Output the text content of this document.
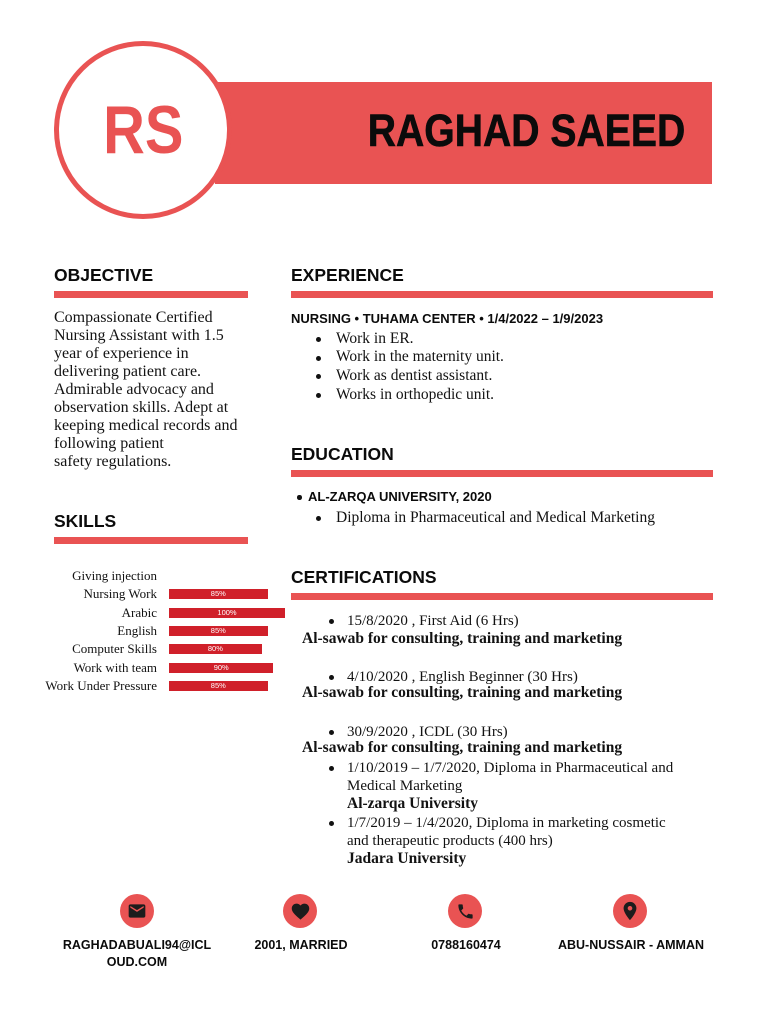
RS	RAGHAD SAEED
OBJECTIVE
Compassionate Certified
Nursing Assistant with 1.5
year of experience in
delivering patient care.
Admirable advocacy and
observation skills. Adept at
keeping medical records and
following patient
safety regulations.
SKILLS
Giving injection
Nursing Work	85%
Arabic	100%
English	85%
Computer Skills	80%
Work with team	90%
Work Under Pressure	85%
EXPERIENCE
NURSING • TUHAMA CENTER • 1/4/2022 – 1/9/2023
Work in ER.
Work in the maternity unit.
Work as dentist assistant.
Works in orthopedic unit.
EDUCATION
AL-ZARQA UNIVERSITY, 2020
Diploma in Pharmaceutical and Medical Marketing
CERTIFICATIONS
15/8/2020 , First Aid (6 Hrs)
Al-sawab for consulting, training and marketing
4/10/2020 , English Beginner (30 Hrs)
Al-sawab for consulting, training and marketing
30/9/2020 , ICDL (30 Hrs)
Al-sawab for consulting, training and marketing
1/10/2019 – 1/7/2020, Diploma in Pharmaceutical and Medical Marketing
Al-zarqa University
1/7/2019 – 1/4/2020, Diploma in marketing cosmetic and therapeutic products (400 hrs)
Jadara University
RAGHADABUALI94@ICLOUD.COM
2001, MARRIED	0788160474	ABU-NUSSAIR - AMMAN
